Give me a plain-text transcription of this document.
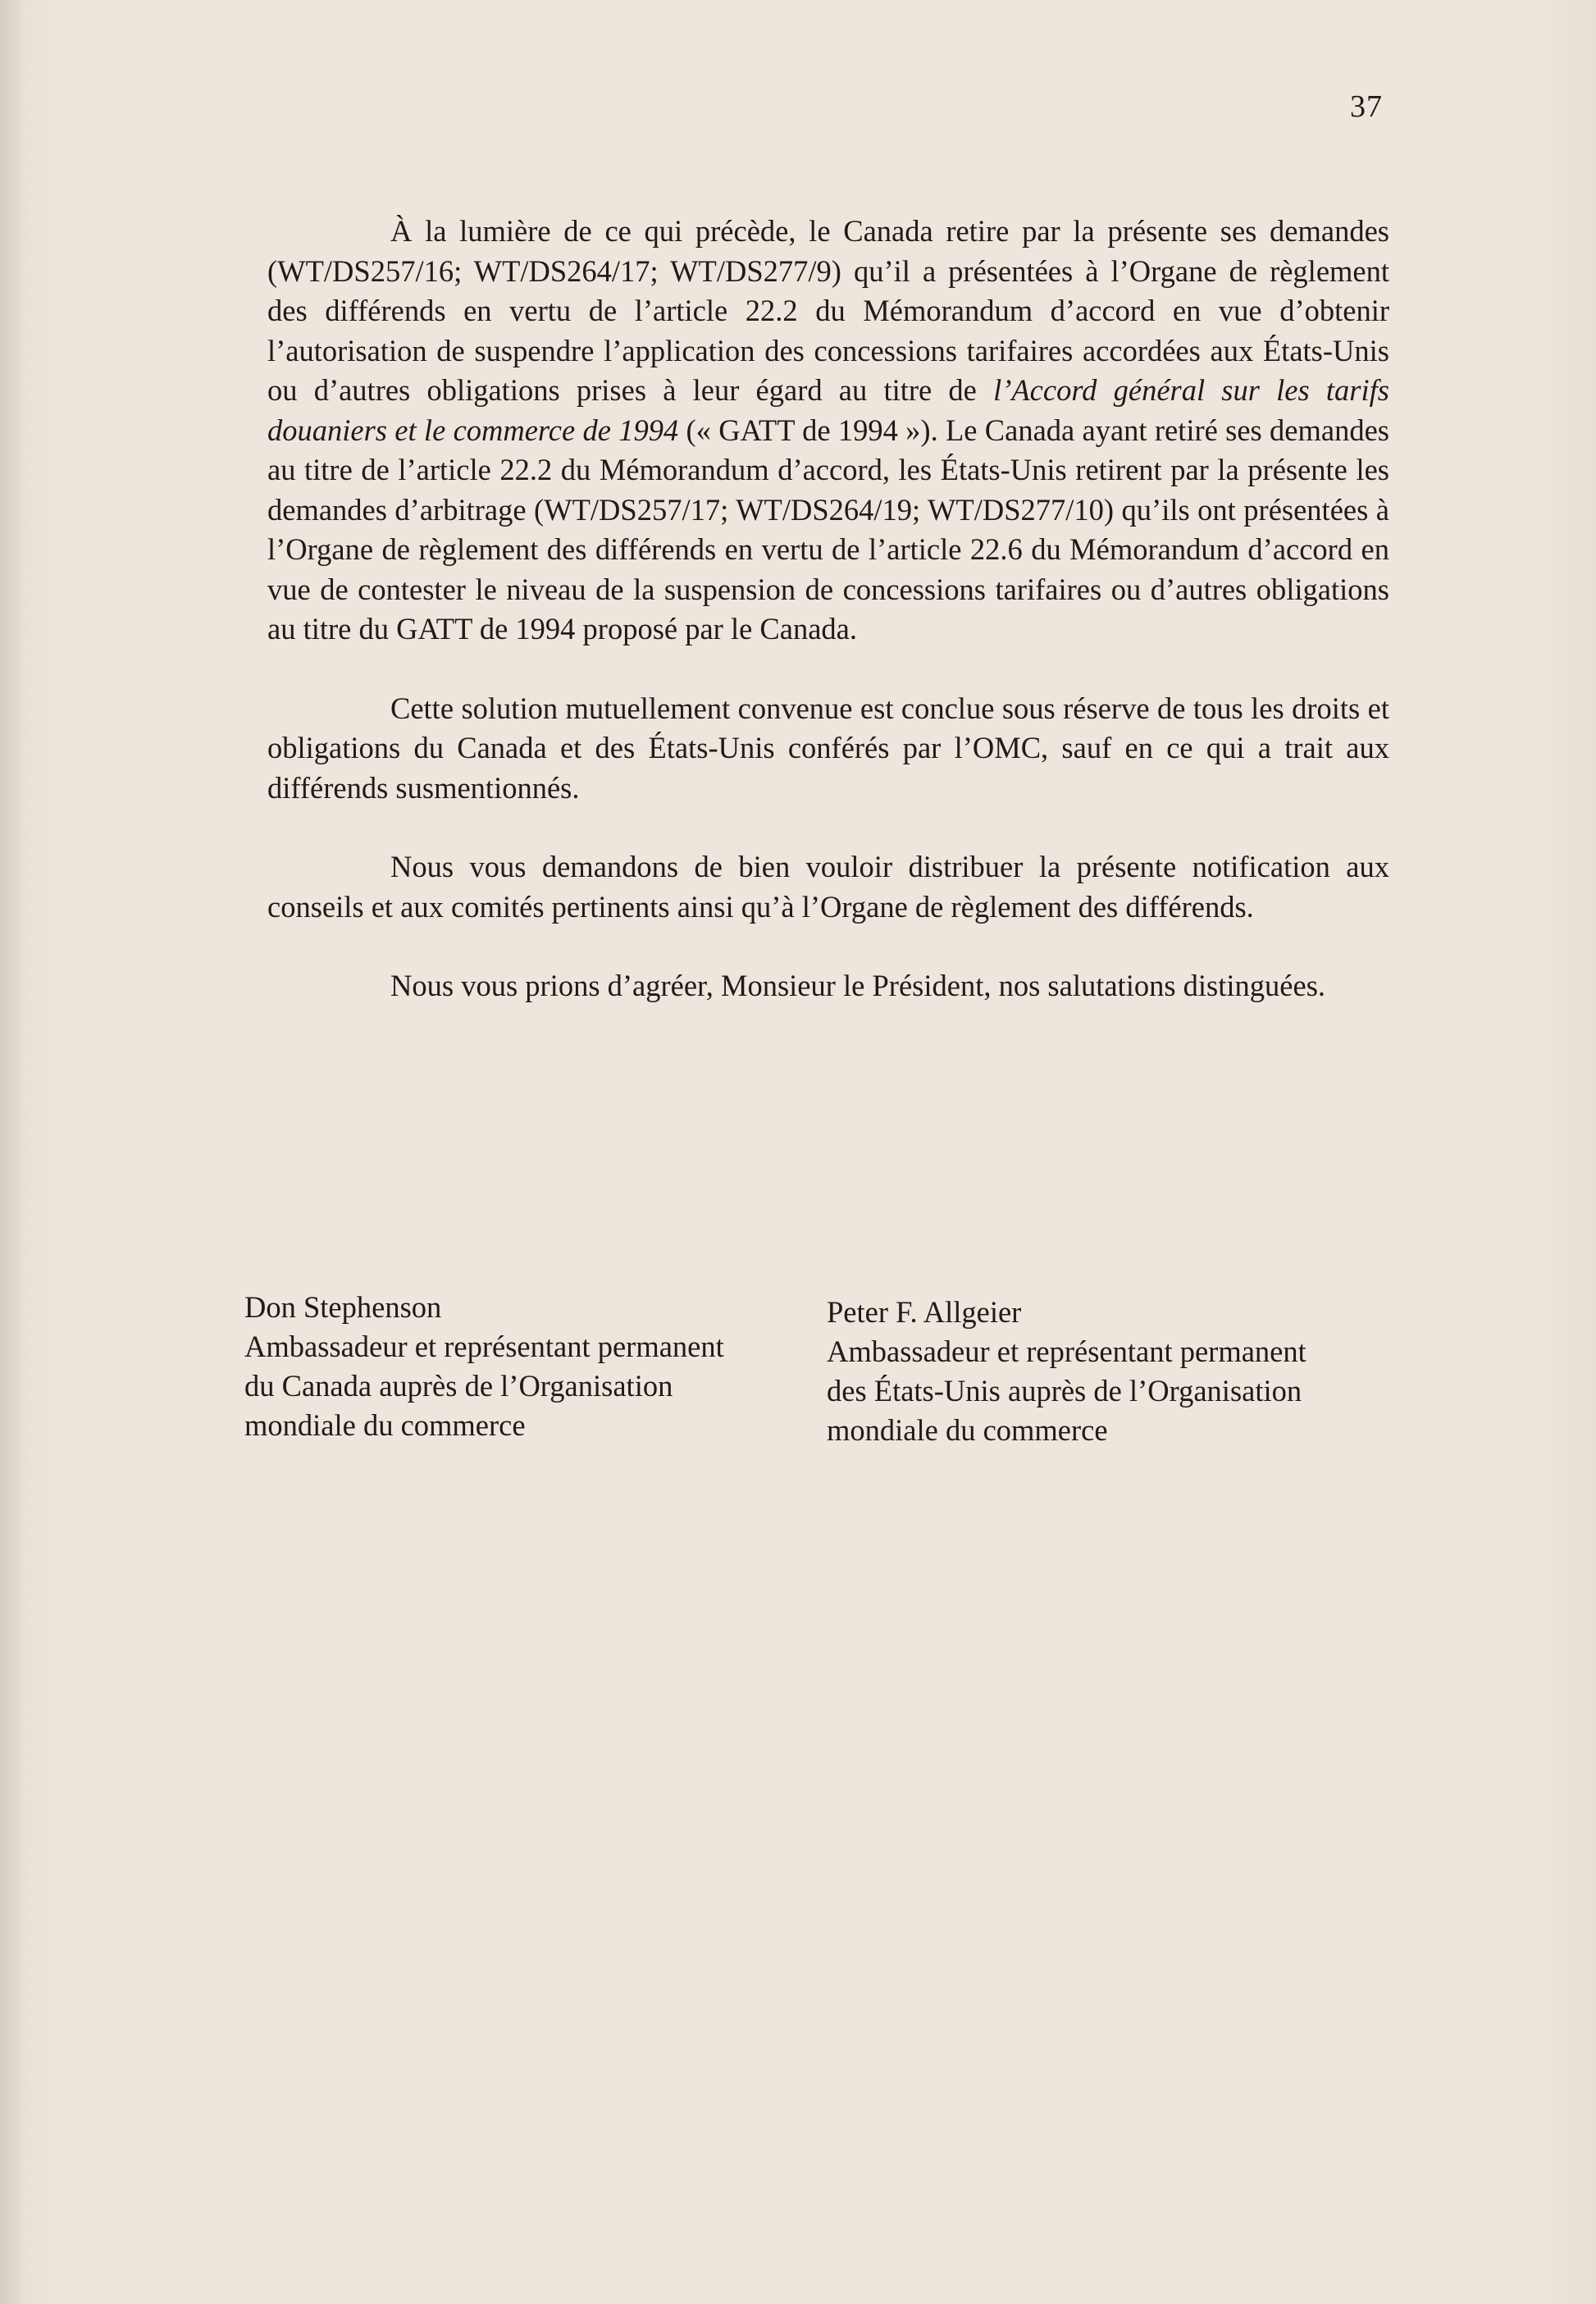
37

À la lumière de ce qui précède, le Canada retire par la présente ses demandes (WT/DS257/16; WT/DS264/17; WT/DS277/9) qu’il a présentées à l’Organe de règlement des différends en vertu de l’article 22.2 du Mémorandum d’accord en vue d’obtenir l’autorisation de suspendre l’application des concessions tarifaires accordées aux États-Unis ou d’autres obligations prises à leur égard au titre de l’Accord général sur les tarifs douaniers et le commerce de 1994 (« GATT de 1994 »). Le Canada ayant retiré ses demandes au titre de l’article 22.2 du Mémorandum d’accord, les États-Unis retirent par la présente les demandes d’arbitrage (WT/DS257/17; WT/DS264/19; WT/DS277/10) qu’ils ont présentées à l’Organe de règlement des différends en vertu de l’article 22.6 du Mémorandum d’accord en vue de contester le niveau de la suspension de concessions tarifaires ou d’autres obligations au titre du GATT de 1994 proposé par le Canada.

Cette solution mutuellement convenue est conclue sous réserve de tous les droits et obligations du Canada et des États-Unis conférés par l’OMC, sauf en ce qui a trait aux différends susmentionnés.

Nous vous demandons de bien vouloir distribuer la présente notification aux conseils et aux comités pertinents ainsi qu’à l’Organe de règlement des différends.

Nous vous prions d’agréer, Monsieur le Président, nos salutations distinguées.

Don Stephenson
Ambassadeur et représentant permanent
du Canada auprès de l’Organisation
mondiale du commerce
Peter F. Allgeier
Ambassadeur et représentant permanent
des États-Unis auprès de l’Organisation
mondiale du commerce
